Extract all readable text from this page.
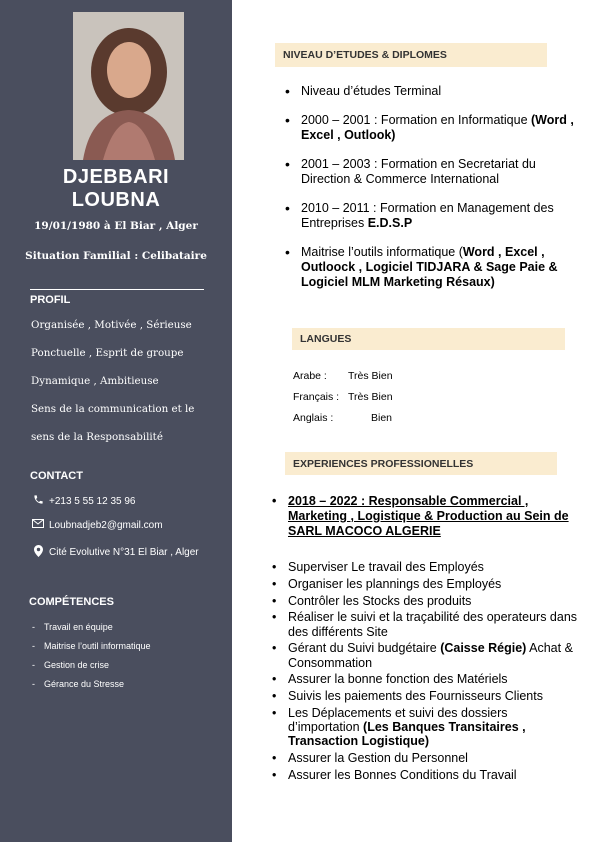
DJEBBARI
LOUBNA
19/01/1980 à El Biar , Alger
Situation Familial : Celibataire
PROFIL
Organisée , Motivée , Sérieuse
Ponctuelle , Esprit de groupe
Dynamique , Ambitieuse
Sens de la communication et le
sens de la Responsabilité
CONTACT
+213 5 55 12 35 96
Loubnadjeb2@gmail.com
Cité Evolutive N°31 El Biar , Alger
COMPÉTENCES
- Travail en équipe
- Maitrise l’outil informatique
- Gestion de crise
- Gérance du Stresse
NIVEAU D’ETUDES & DIPLOMES
• Niveau d’études Terminal
• 2000 – 2001 : Formation en Informatique (Word , Excel , Outlook)
• 2001 – 2003 : Formation en Secretariat du Direction & Commerce International
• 2010 – 2011 : Formation en Management des Entreprises E.D.S.P
• Maitrise l’outils informatique (Word , Excel , Outloock , Logiciel TIDJARA & Sage Paie & Logiciel MLM Marketing Résaux)
LANGUES
Arabe : Très Bien
Français : Très Bien
Anglais :	Bien
EXPERIENCES PROFESSIONELLES
• 2018 – 2022 : Responsable Commercial , Marketing , Logistique & Production au Sein de SARL MACOCO ALGERIE
• Superviser Le travail des Employés
• Organiser les plannings des Employés
• Contrôler les Stocks des produits
• Réaliser le suivi et la traçabilité des operateurs dans des différents Site
• Gérant du Suivi budgétaire (Caisse Régie) Achat & Consommation
• Assurer la bonne fonction des Matériels
• Suivis les paiements des Fournisseurs Clients
• Les Déplacements et suivi des dossiers d’importation (Les Banques Transitaires , Transaction Logistique)
• Assurer la Gestion du Personnel
• Assurer les Bonnes Conditions du Travail
